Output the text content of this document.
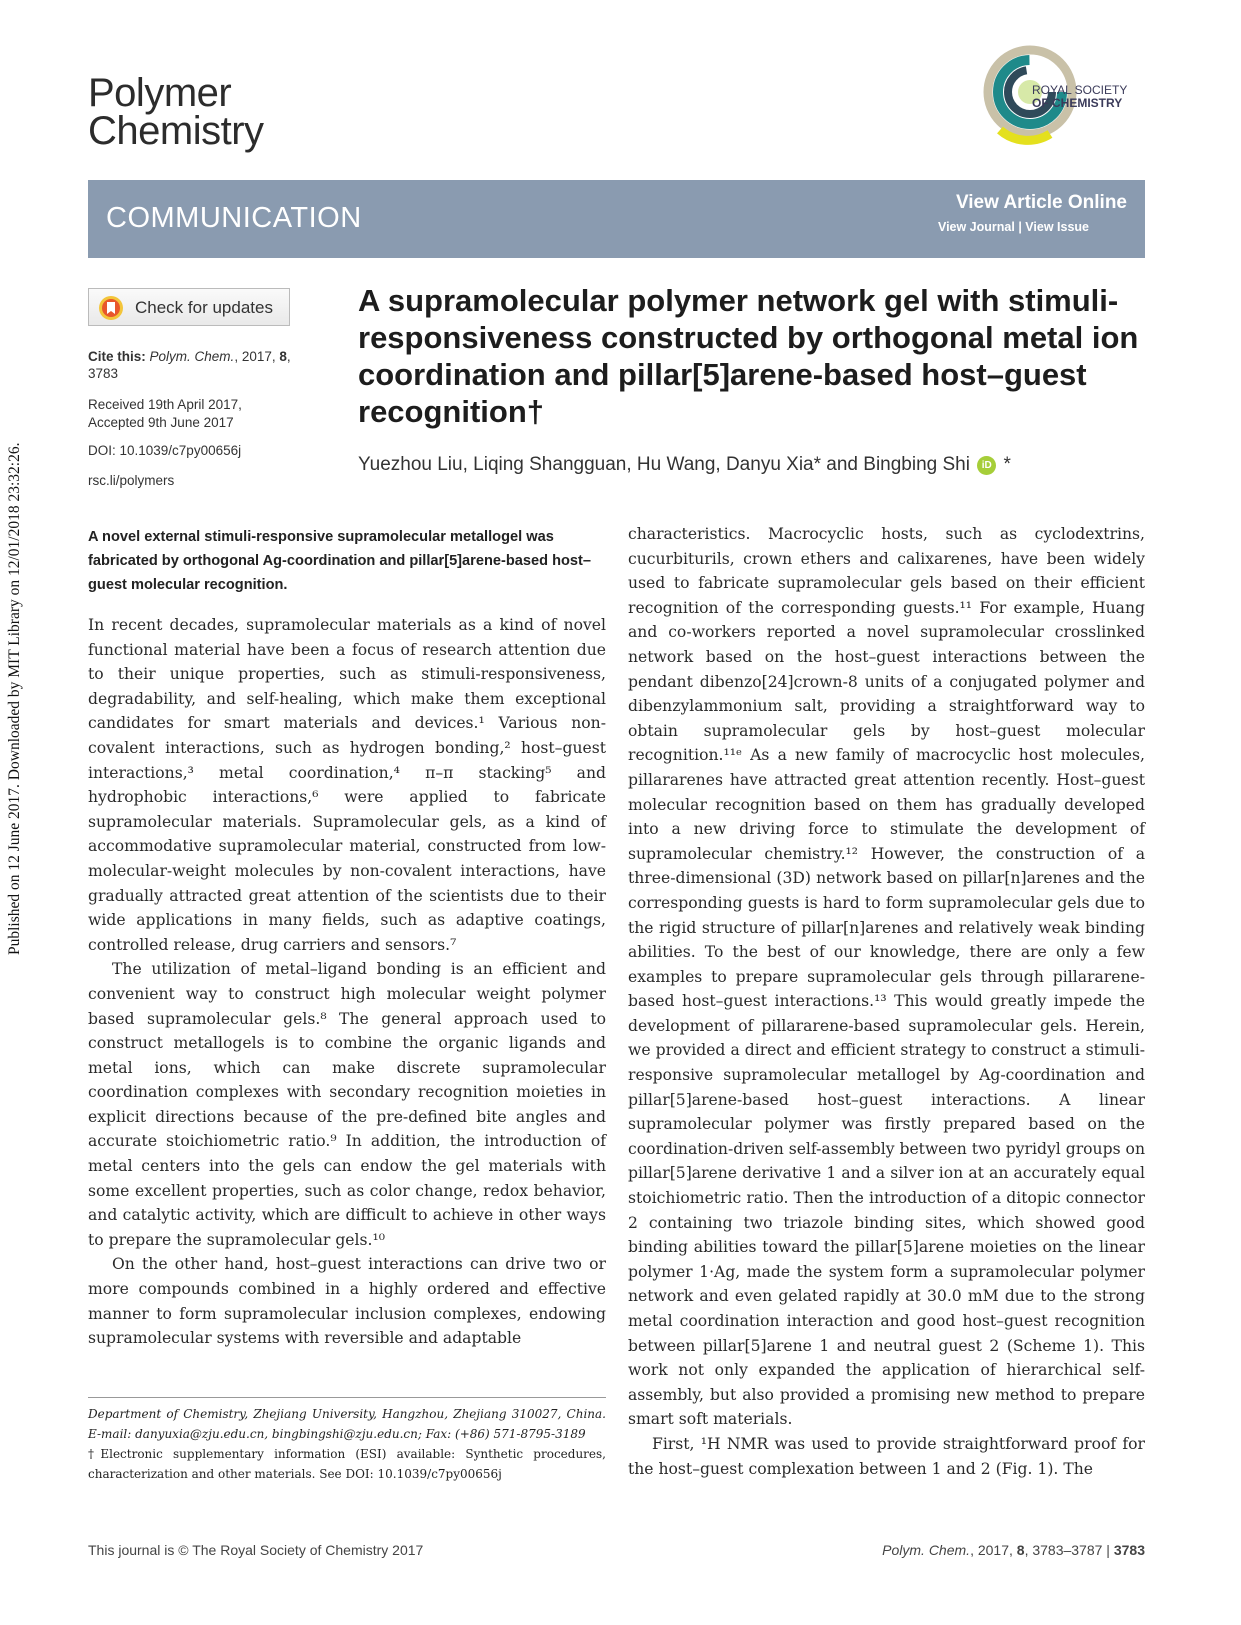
Published on 12 June 2017. Downloaded by MIT Library on 12/01/2018 23:32:26.
Polymer
Chemistry
ROYAL SOCIETY
OF CHEMISTRY
COMMUNICATION	View Article Online
View Journal | View Issue
Check for updates
Cite this: Polym. Chem., 2017, 8, 3783
Received 19th April 2017,
Accepted 9th June 2017
DOI: 10.1039/c7py00656j
rsc.li/polymers
A supramolecular polymer network gel with stimuli-responsiveness constructed by orthogonal metal ion coordination and pillar[5]arene-based host–guest recognition†
Yuezhou Liu, Liqing Shangguan, Hu Wang, Danyu Xia* and Bingbing Shi iD *
A novel external stimuli-responsive supramolecular metallogel was fabricated by orthogonal Ag-coordination and pillar[5]arene-based host–guest molecular recognition.

In recent decades, supramolecular materials as a kind of novel functional material have been a focus of research attention due to their unique properties, such as stimuli-responsiveness, degradability, and self-healing, which make them exceptional candidates for smart materials and devices.¹ Various non-covalent interactions, such as hydrogen bonding,² host–guest interactions,³ metal coordination,⁴ π–π stacking⁵ and hydrophobic interactions,⁶ were applied to fabricate supramolecular materials. Supramolecular gels, as a kind of accommodative supramolecular material, constructed from low-molecular-weight molecules by non-covalent interactions, have gradually attracted great attention of the scientists due to their wide applications in many fields, such as adaptive coatings, controlled release, drug carriers and sensors.⁷

The utilization of metal–ligand bonding is an efficient and convenient way to construct high molecular weight polymer based supramolecular gels.⁸ The general approach used to construct metallogels is to combine the organic ligands and metal ions, which can make discrete supramolecular coordination complexes with secondary recognition moieties in explicit directions because of the pre-defined bite angles and accurate stoichiometric ratio.⁹ In addition, the introduction of metal centers into the gels can endow the gel materials with some excellent properties, such as color change, redox behavior, and catalytic activity, which are difficult to achieve in other ways to prepare the supramolecular gels.¹⁰

On the other hand, host–guest interactions can drive two or more compounds combined in a highly ordered and effective manner to form supramolecular inclusion complexes, endowing supramolecular systems with reversible and adaptable

characteristics. Macrocyclic hosts, such as cyclodextrins, cucurbiturils, crown ethers and calixarenes, have been widely used to fabricate supramolecular gels based on their efficient recognition of the corresponding guests.¹¹ For example, Huang and co-workers reported a novel supramolecular crosslinked network based on the host–guest interactions between the pendant dibenzo[24]crown-8 units of a conjugated polymer and dibenzylammonium salt, providing a straightforward way to obtain supramolecular gels by host–guest molecular recognition.¹¹ᵉ As a new family of macrocyclic host molecules, pillararenes have attracted great attention recently. Host–guest molecular recognition based on them has gradually developed into a new driving force to stimulate the development of supramolecular chemistry.¹² However, the construction of a three-dimensional (3D) network based on pillar[n]arenes and the corresponding guests is hard to form supramolecular gels due to the rigid structure of pillar[n]arenes and relatively weak binding abilities. To the best of our knowledge, there are only a few examples to prepare supramolecular gels through pillararene-based host–guest interactions.¹³ This would greatly impede the development of pillararene-based supramolecular gels. Herein, we provided a direct and efficient strategy to construct a stimuli-responsive supramolecular metallogel by Ag-coordination and pillar[5]arene-based host–guest interactions. A linear supramolecular polymer was firstly prepared based on the coordination-driven self-assembly between two pyridyl groups on pillar[5]arene derivative 1 and a silver ion at an accurately equal stoichiometric ratio. Then the introduction of a ditopic connector 2 containing two triazole binding sites, which showed good binding abilities toward the pillar[5]arene moieties on the linear polymer 1·Ag, made the system form a supramolecular polymer network and even gelated rapidly at 30.0 mM due to the strong metal coordination interaction and good host–guest recognition between pillar[5]arene 1 and neutral guest 2 (Scheme 1). This work not only expanded the application of hierarchical self-assembly, but also provided a promising new method to prepare smart soft materials.

First, ¹H NMR was used to provide straightforward proof for the host–guest complexation between 1 and 2 (Fig. 1). The

Department of Chemistry, Zhejiang University, Hangzhou, Zhejiang 310027, China. E-mail: danyuxia@zju.edu.cn, bingbingshi@zju.edu.cn; Fax: (+86) 571-8795-3189
†Electronic supplementary information (ESI) available: Synthetic procedures, characterization and other materials. See DOI: 10.1039/c7py00656j
This journal is © The Royal Society of Chemistry 2017	Polym. Chem., 2017, 8, 3783–3787 | 3783
